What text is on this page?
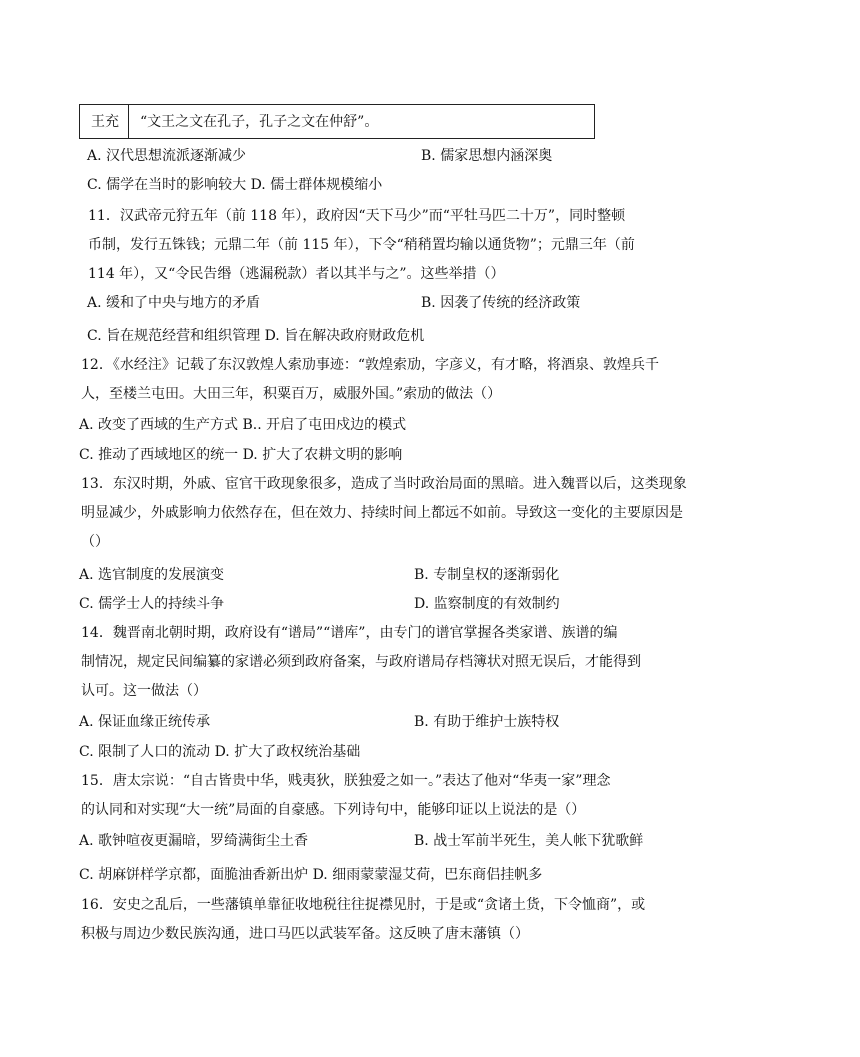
王充 “文王之文在孔子，孔子之文在仲舒”。
A. 汉代思想流派逐渐减少	B. 儒家思想内涵深奥
C. 儒学在当时的影响较大 D. 儒士群体规模缩小
11．汉武帝元狩五年（前 118 年），政府因“天下马少”而“平牡马匹二十万”，同时整顿
币制，发行五铢钱；元鼎二年（前 115 年），下令“稍稍置均输以通货物”；元鼎三年（前
114 年），又“令民告缗（逃漏税款）者以其半与之”。这些举措（）
A. 缓和了中央与地方的矛盾	B. 因袭了传统的经济政策
C. 旨在规范经营和组织管理 D. 旨在解决政府财政危机
12．《水经注》记载了东汉敦煌人索劢事迹：“敦煌索劢，字彦义，有才略，将酒泉、敦煌兵千
人，至楼兰屯田。大田三年，积粟百万，威服外国。”索劢的做法（）
A. 改变了西域的生产方式 B.. 开启了屯田戍边的模式
C. 推动了西域地区的统一 D. 扩大了农耕文明的影响
13．东汉时期，外戚、宦官干政现象很多，造成了当时政治局面的黑暗。进入魏晋以后，这类现象
明显减少，外戚影响力依然存在，但在效力、持续时间上都远不如前。导致这一变化的主要原因是
（）
A. 选官制度的发展演变	B. 专制皇权的逐渐弱化
C. 儒学士人的持续斗争	D. 监察制度的有效制约
14．魏晋南北朝时期，政府设有“谱局”“谱库”，由专门的谱官掌握各类家谱、族谱的编
制情况，规定民间编纂的家谱必须到政府备案，与政府谱局存档簿状对照无误后，才能得到
认可。这一做法（）
A. 保证血缘正统传承	B. 有助于维护士族特权
C. 限制了人口的流动 D. 扩大了政权统治基础
15．唐太宗说：“自古皆贵中华，贱夷狄，朕独爱之如一。”表达了他对“华夷一家”理念
的认同和对实现“大一统”局面的自豪感。下列诗句中，能够印证以上说法的是（）
A. 歌钟喧夜更漏暗，罗绮满街尘土香	B. 战士军前半死生，美人帐下犹歌鲜
C. 胡麻饼样学京都，面脆油香新出炉 D. 细雨蒙蒙湿艾荷，巴东商侣挂帆多
16．安史之乱后，一些藩镇单靠征收地税往往捉襟见肘，于是或“贪诸土货，下令恤商”，或
积极与周边少数民族沟通，进口马匹以武装军备。这反映了唐末藩镇（）
